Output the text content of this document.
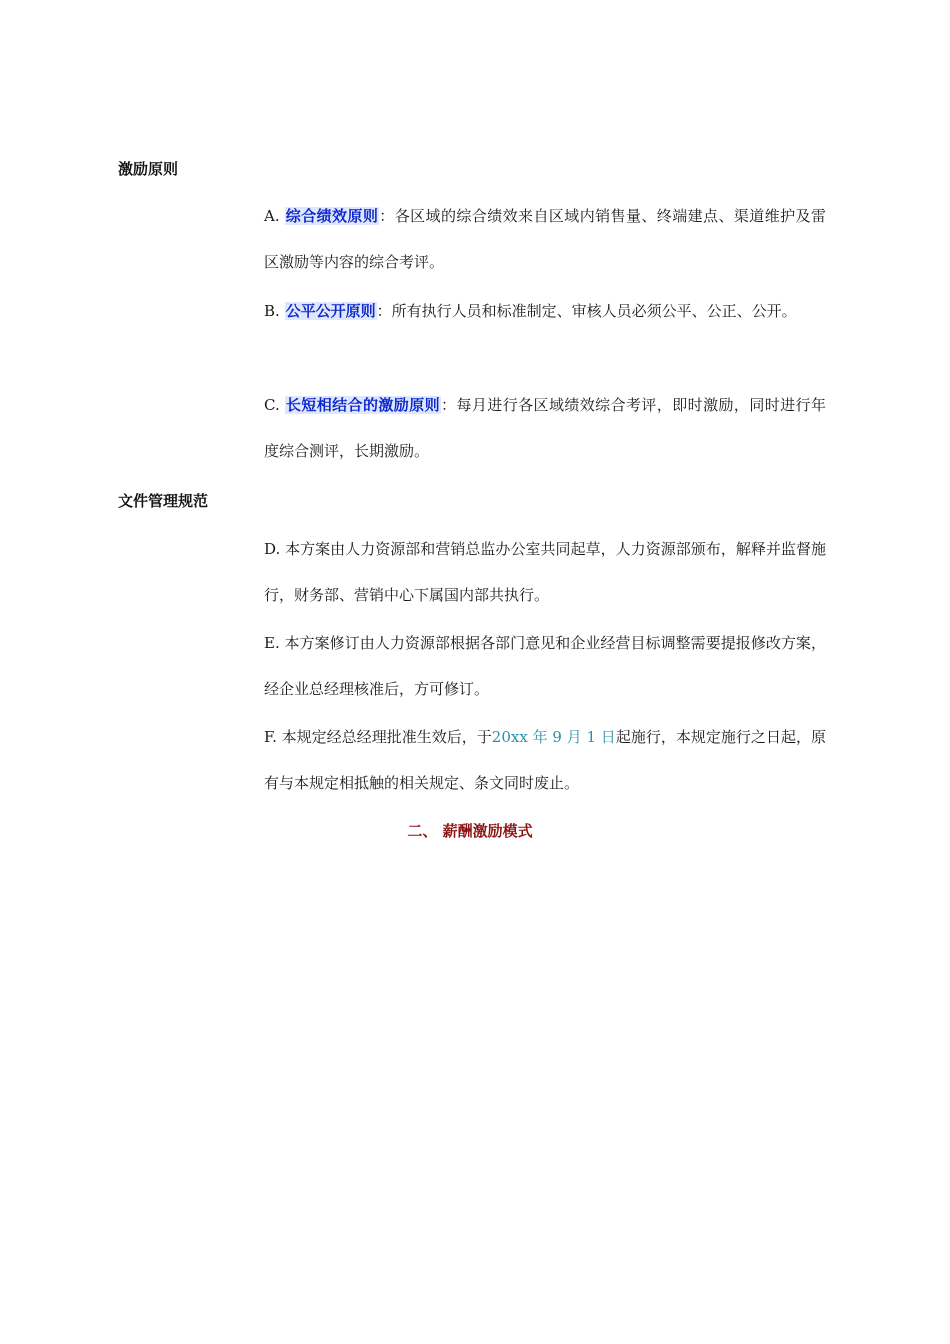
激励原则

A. 综合绩效原则：各区域的综合绩效来自区域内销售量、终端建点、渠道维护及雷区激励等内容的综合考评。

B. 公平公开原则：所有执行人员和标准制定、审核人员必须公平、公正、公开。

C. 长短相结合的激励原则：每月进行各区域绩效综合考评，即时激励，同时进行年度综合测评，长期激励。

文件管理规范

D. 本方案由人力资源部和营销总监办公室共同起草，人力资源部颁布，解释并监督施行，财务部、营销中心下属国内部共执行。

E. 本方案修订由人力资源部根据各部门意见和企业经营目标调整需要提报修改方案，经企业总经理核准后，方可修订。

F. 本规定经总经理批准生效后，于20xx 年 9 月 1 日起施行，本规定施行之日起，原有与本规定相抵触的相关规定、条文同时废止。

二、 薪酬激励模式
